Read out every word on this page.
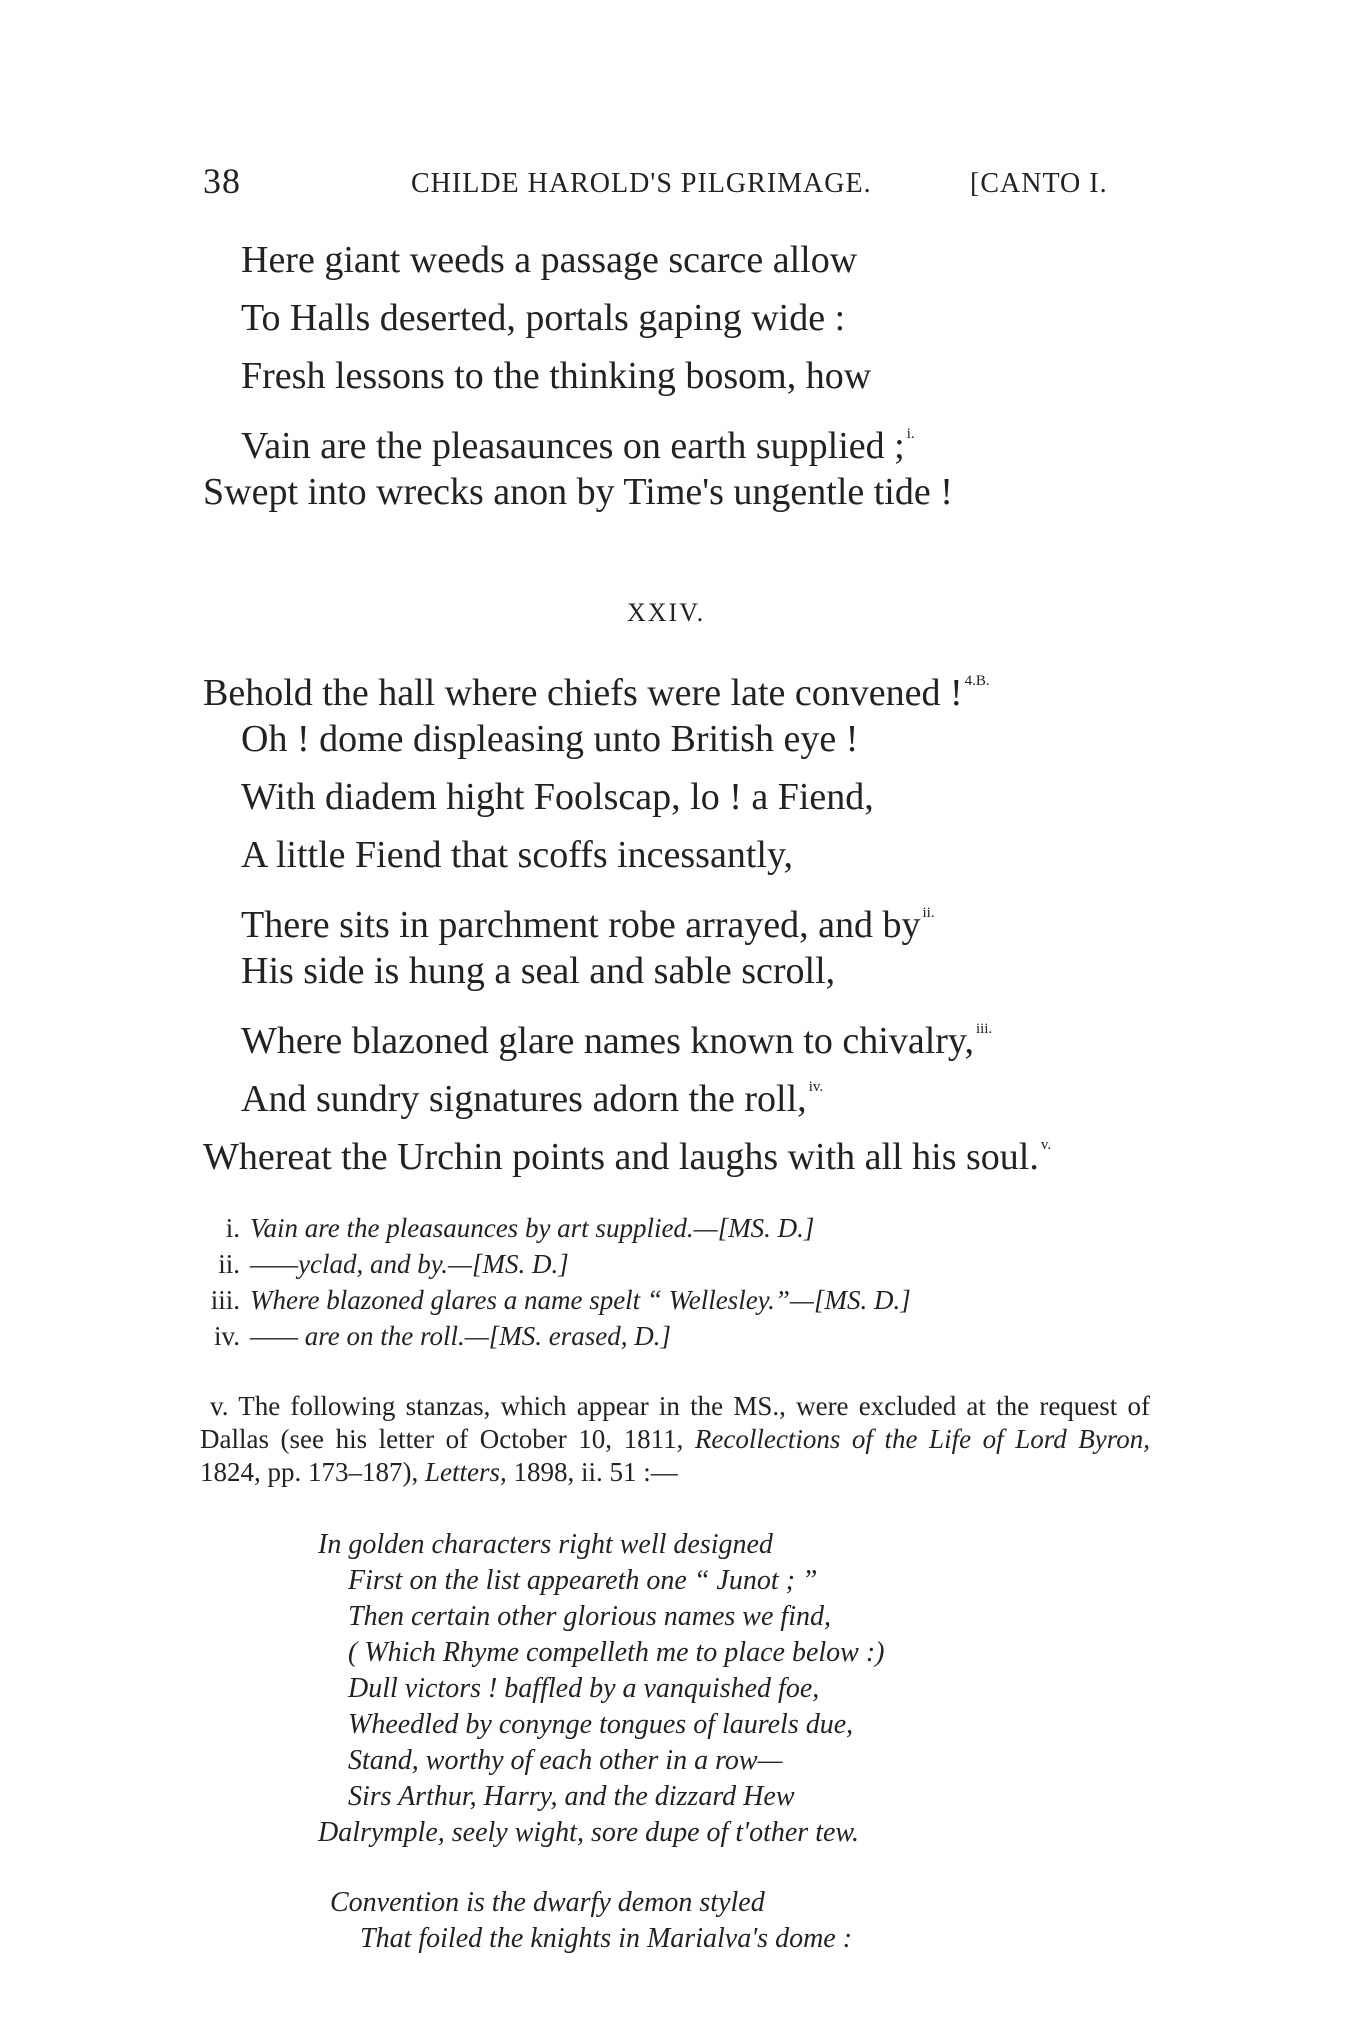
38	CHILDE HAROLD'S PILGRIMAGE.	[CANTO I.
Here giant weeds a passage scarce allow
To Halls deserted, portals gaping wide :
Fresh lessons to the thinking bosom, how
Vain are the pleasaunces on earth supplied ; $^{i.}$
Swept into wrecks anon by Time's ungentle tide !
XXIV.
Behold the hall where chiefs were late convened ! $^{4.B.}$
Oh ! dome displeasing unto British eye !
With diadem hight Foolscap, lo ! a Fiend,
A little Fiend that scoffs incessantly,
There sits in parchment robe arrayed, and by $^{ii.}$
His side is hung a seal and sable scroll,
Where blazoned glare names known to chivalry, $^{iii.}$
And sundry signatures adorn the roll, $^{iv.}$
Whereat the Urchin points and laughs with all his soul. $^{v.}$
i. Vain are the pleasaunces by art supplied.—[MS. D.]
ii. ——yclad, and by.—[MS. D.]
iii. Where blazoned glares a name spelt “ Wellesley.”—[MS. D.]
iv. —— are on the roll.—[MS. erased, D.]
v. The following stanzas, which appear in the MS., were excluded at the request of Dallas (see his letter of October 10, 1811, Recollections of the Life of Lord Byron, 1824, pp. 173–187), Letters, 1898, ii. 51 :—
In golden characters right well designed
First on the list appeareth one “ Junot ; ”
Then certain other glorious names we find,
( Which Rhyme compelleth me to place below :)
Dull victors ! baffled by a vanquished foe,
Wheedled by conynge tongues of laurels due,
Stand, worthy of each other in a row—
Sirs Arthur, Harry, and the dizzard Hew
Dalrymple, seely wight, sore dupe of t'other tew.
Convention is the dwarfy demon styled
That foiled the knights in Marialva's dome :
